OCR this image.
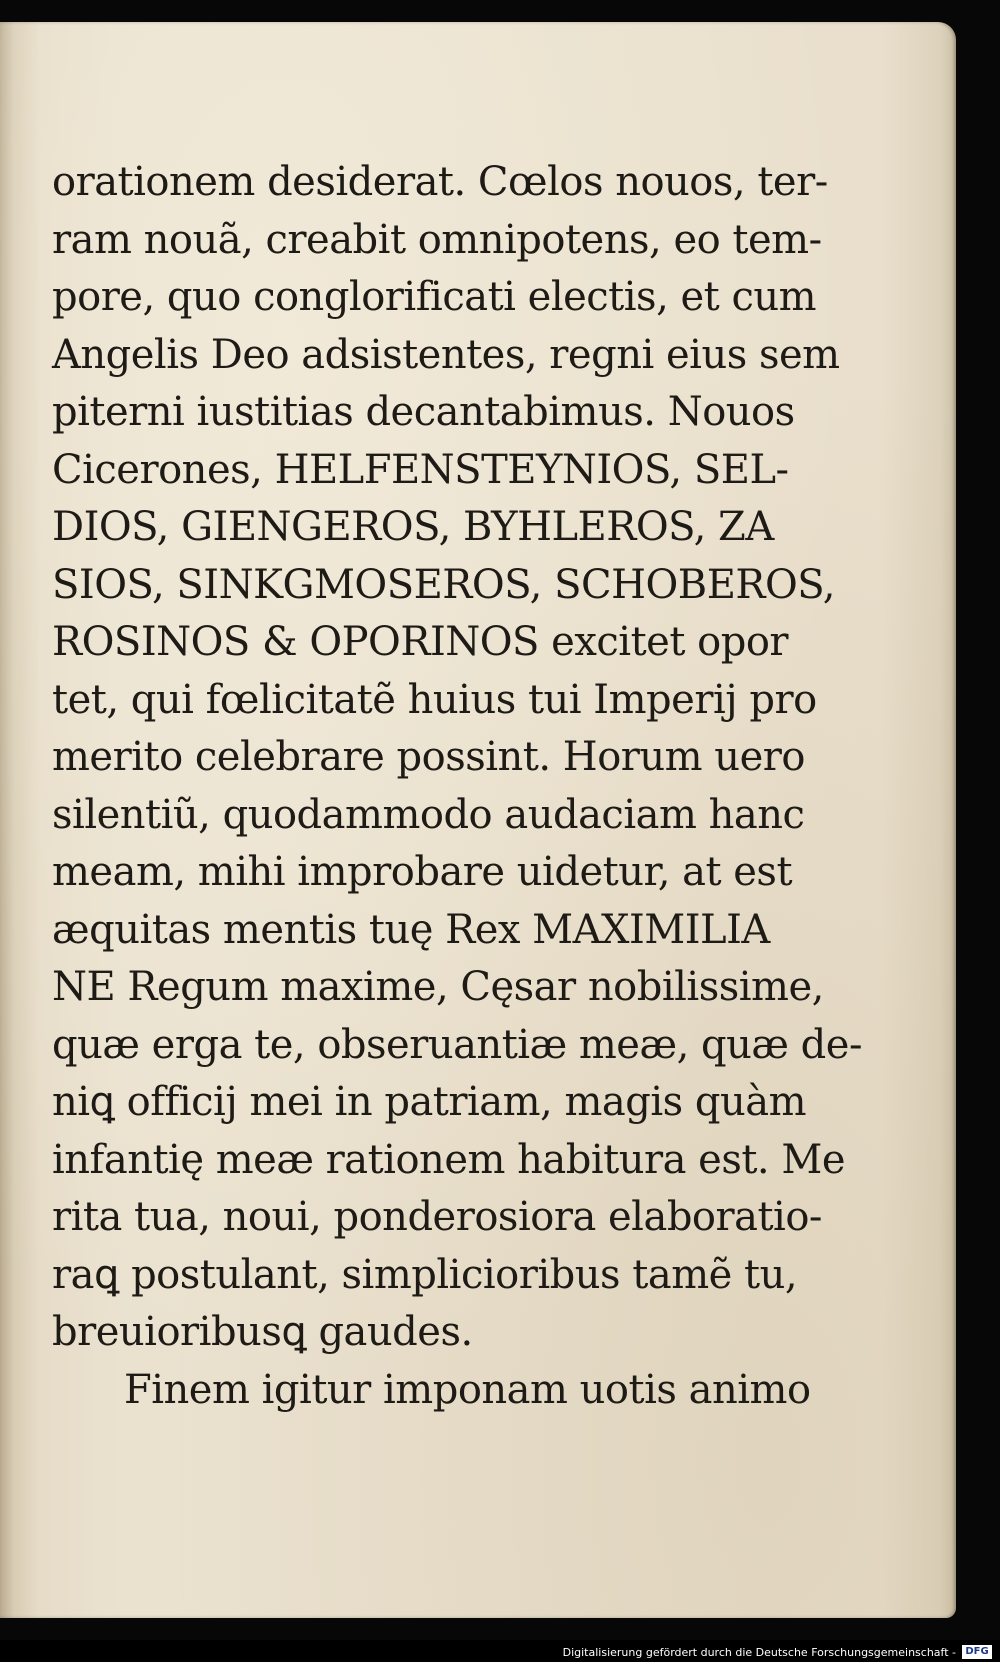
orationem desiderat. Cœlos nouos, ter-
ram nouã, creabit omnipotens, eo tem-
pore, quo conglorificati electis, et cum
Angelis Deo adsistentes, regni eius sem
piterni iustitias decantabimus. Nouos
Cicerones, HELFENSTEYNIOS, SEL-
DIOS, GIENGEROS, BYHLEROS, ZA
SIOS, SINKGMOSEROS, SCHOBEROS,
ROSINOS & OPORINOS excitet opor
tet, qui fœlicitatẽ huius tui Imperij pro
merito celebrare possint. Horum uero
silentiũ, quodammodo audaciam hanc
meam, mihi improbare uidetur, at est
æquitas mentis tuę Rex MAXIMILIA
NE Regum maxime, Cęsar nobilissime,
quæ erga te, obseruantiæ meæ, quæ de-
niꝗ officij mei in patriam, magis quàm
infantię meæ rationem habitura est. Me
rita tua, noui, ponderosiora elaboratio-
raꝗ postulant, simplicioribus tamẽ tu,
breuioribusꝗ gaudes.
Finem igitur imponam uotis animo
Digitalisierung gefördert durch die Deutsche Forschungsgemeinschaft - DFG
